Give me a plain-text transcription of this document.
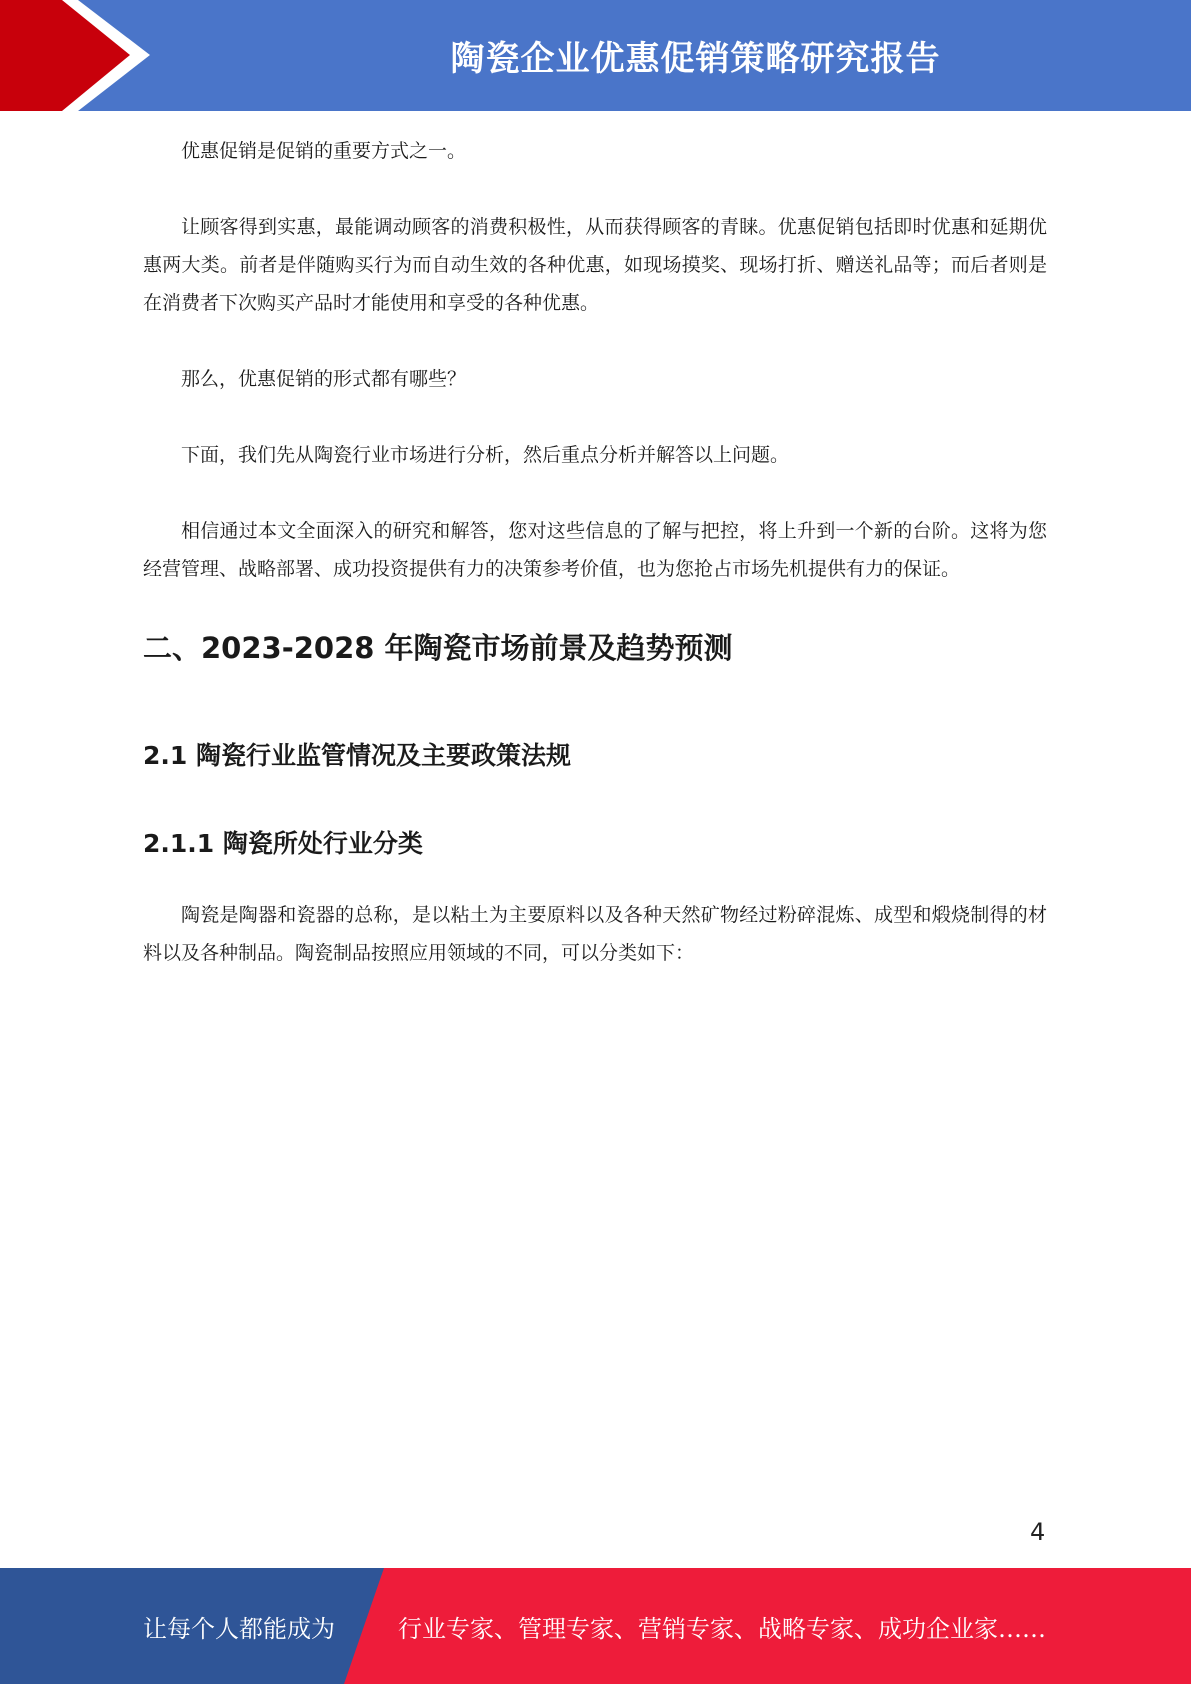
陶瓷企业优惠促销策略研究报告

优惠促销是促销的重要方式之一。

让顾客得到实惠，最能调动顾客的消费积极性，从而获得顾客的青睐。优惠促销包括即时优惠和延期优惠两大类。前者是伴随购买行为而自动生效的各种优惠，如现场摸奖、现场打折、赠送礼品等；而后者则是在消费者下次购买产品时才能使用和享受的各种优惠。

那么，优惠促销的形式都有哪些？

下面，我们先从陶瓷行业市场进行分析，然后重点分析并解答以上问题。

相信通过本文全面深入的研究和解答，您对这些信息的了解与把控，将上升到一个新的台阶。这将为您经营管理、战略部署、成功投资提供有力的决策参考价值，也为您抢占市场先机提供有力的保证。

二、2023-2028 年陶瓷市场前景及趋势预测
2.1 陶瓷行业监管情况及主要政策法规
2.1.1 陶瓷所处行业分类

陶瓷是陶器和瓷器的总称，是以粘土为主要原料以及各种天然矿物经过粉碎混炼、成型和煅烧制得的材料以及各种制品。陶瓷制品按照应用领域的不同，可以分类如下：

4
让每个人都能成为	行业专家、管理专家、营销专家、战略专家、成功企业家……
